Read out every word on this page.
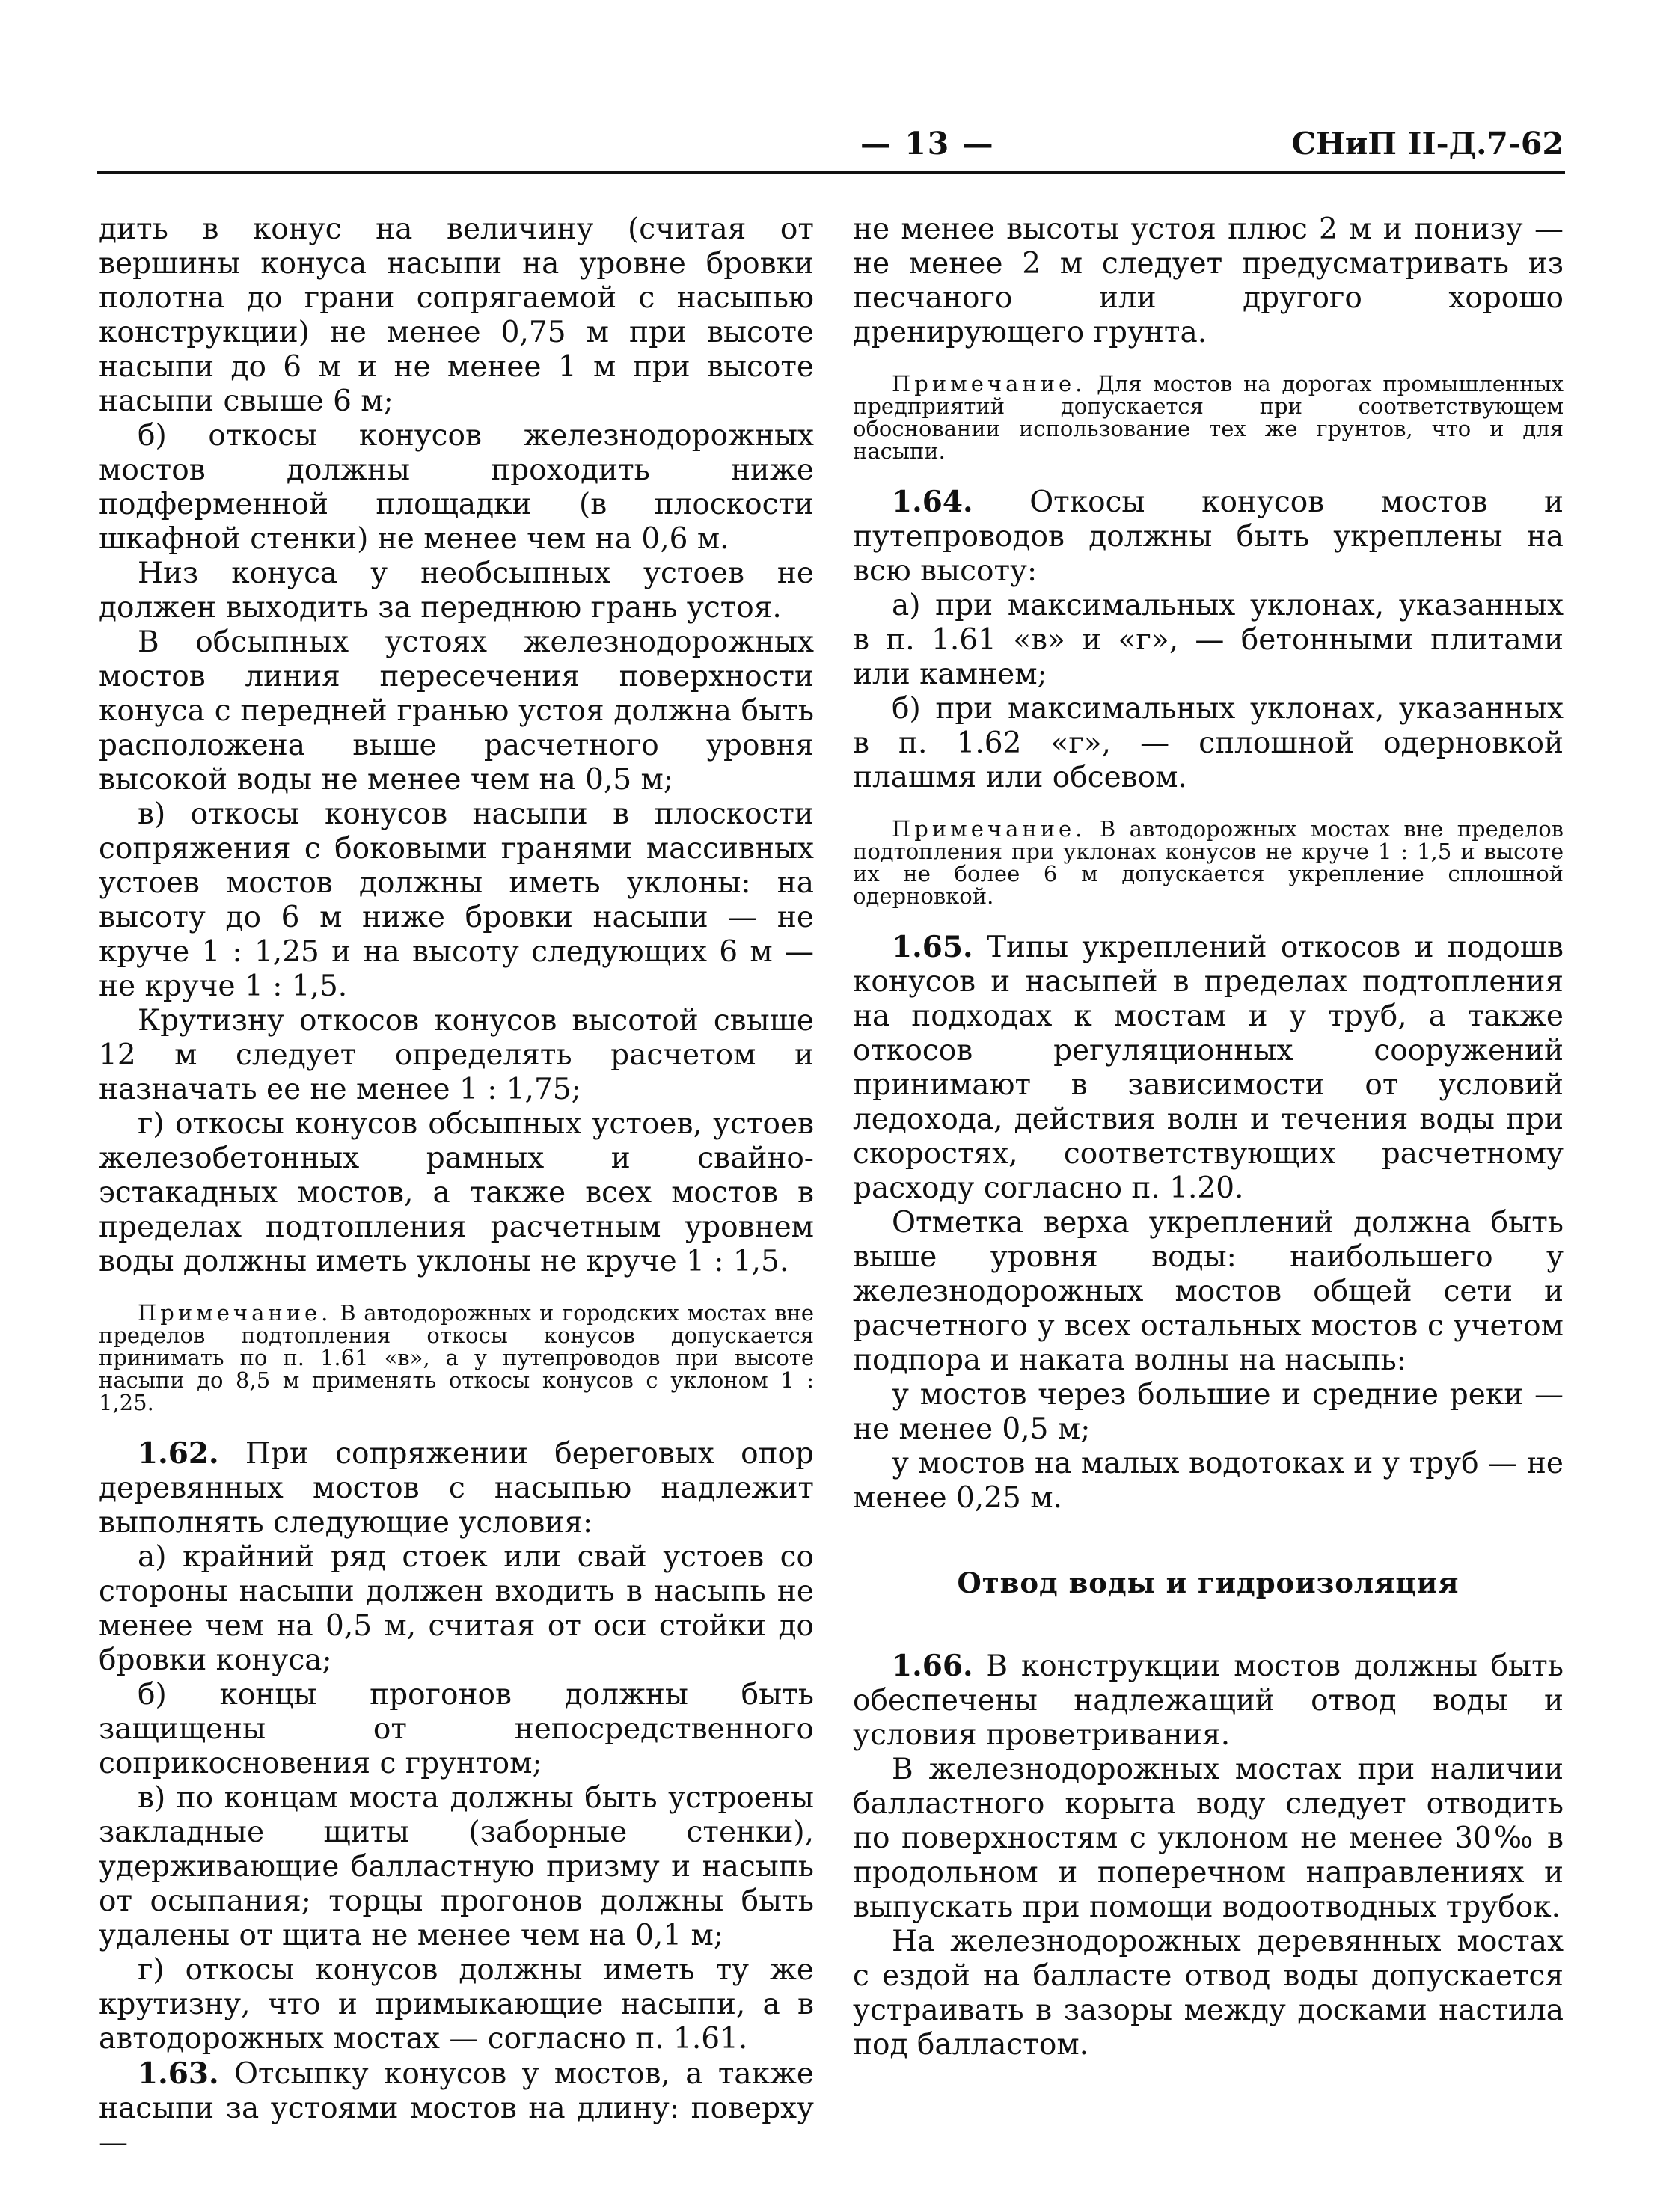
— 13 —	СНиП II-Д.7-62

дить в конус на величину (считая от вершины конуса насыпи на уровне бровки полотна до грани сопрягаемой с насыпью конструкции) не менее 0,75 м при высоте насыпи до 6 м и не менее 1 м при высоте насыпи свыше 6 м;

б) откосы конусов железнодорожных мостов должны проходить ниже подферменной площадки (в плоскости шкафной стенки) не менее чем на 0,6 м.

Низ конуса у необсыпных устоев не должен выходить за переднюю грань устоя.

В обсыпных устоях железнодорожных мостов линия пересечения поверхности конуса с передней гранью устоя должна быть расположена выше расчетного уровня высокой воды не менее чем на 0,5 м;

в) откосы конусов насыпи в плоскости сопряжения с боковыми гранями массивных устоев мостов должны иметь уклоны: на высоту до 6 м ниже бровки насыпи — не круче 1 : 1,25 и на высоту следующих 6 м — не круче 1 : 1,5.

Крутизну откосов конусов высотой свыше 12 м следует определять расчетом и назначать ее не менее 1 : 1,75;

г) откосы конусов обсыпных устоев, устоев железобетонных рамных и свайно-эстакадных мостов, а также всех мостов в пределах подтопления расчетным уровнем воды должны иметь уклоны не круче 1 : 1,5.

Примечание. В автодорожных и городских мостах вне пределов подтопления откосы конусов допускается принимать по п. 1.61 «в», а у путепроводов при высоте насыпи до 8,5 м применять откосы конусов с уклоном 1 : 1,25.

1.62. При сопряжении береговых опор деревянных мостов с насыпью надлежит выполнять следующие условия:

а) крайний ряд стоек или свай устоев со стороны насыпи должен входить в насыпь не менее чем на 0,5 м, считая от оси стойки до бровки конуса;

б) концы прогонов должны быть защищены от непосредственного соприкосновения с грунтом;

в) по концам моста должны быть устроены закладные щиты (заборные стенки), удерживающие балластную призму и насыпь от осыпания; торцы прогонов должны быть удалены от щита не менее чем на 0,1 м;

г) откосы конусов должны иметь ту же крутизну, что и примыкающие насыпи, а в автодорожных мостах — согласно п. 1.61.

1.63. Отсыпку конусов у мостов, а также насыпи за устоями мостов на длину: поверху —

не менее высоты устоя плюс 2 м и понизу — не менее 2 м следует предусматривать из песчаного или другого хорошо дренирующего грунта.

Примечание. Для мостов на дорогах промышленных предприятий допускается при соответствующем обосновании использование тех же грунтов, что и для насыпи.

1.64. Откосы конусов мостов и путепроводов должны быть укреплены на всю высоту:

а) при максимальных уклонах, указанных в п. 1.61 «в» и «г», — бетонными плитами или камнем;

б) при максимальных уклонах, указанных в п. 1.62 «г», — сплошной одерновкой плашмя или обсевом.

Примечание. В автодорожных мостах вне пределов подтопления при уклонах конусов не круче 1 : 1,5 и высоте их не более 6 м допускается укрепление сплошной одерновкой.

1.65. Типы укреплений откосов и подошв конусов и насыпей в пределах подтопления на подходах к мостам и у труб, а также откосов регуляционных сооружений принимают в зависимости от условий ледохода, действия волн и течения воды при скоростях, соответствующих расчетному расходу согласно п. 1.20.

Отметка верха укреплений должна быть выше уровня воды: наибольшего у железнодорожных мостов общей сети и расчетного у всех остальных мостов с учетом подпора и наката волны на насыпь:

у мостов через большие и средние реки — не менее 0,5 м;

у мостов на малых водотоках и у труб — не менее 0,25 м.

Отвод воды и гидроизоляция

1.66. В конструкции мостов должны быть обеспечены надлежащий отвод воды и условия проветривания.

В железнодорожных мостах при наличии балластного корыта воду следует отводить по поверхностям с уклоном не менее 30‰ в продольном и поперечном направлениях и выпускать при помощи водоотводных трубок.

На железнодорожных деревянных мостах с ездой на балласте отвод воды допускается устраивать в зазоры между досками настила под балластом.
